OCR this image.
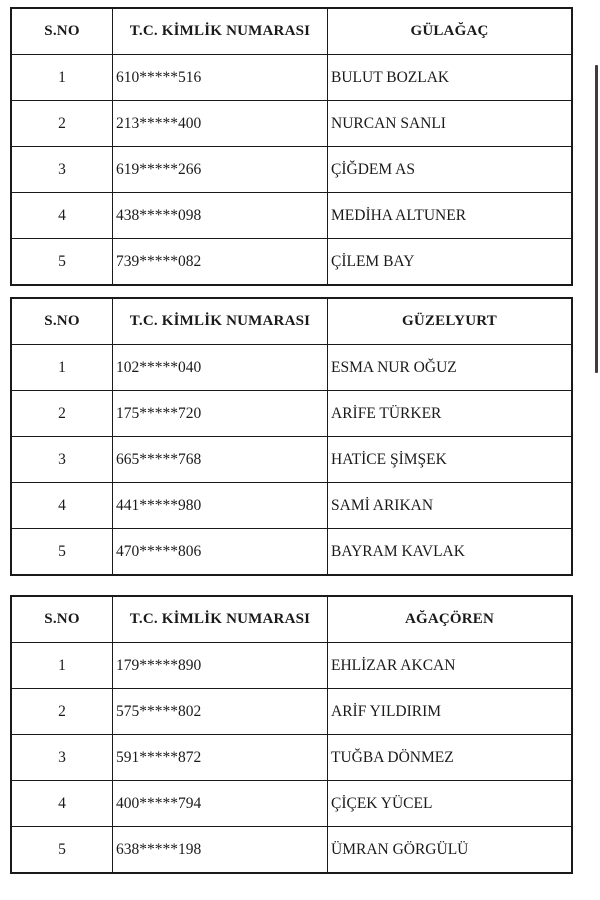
S.NO	T.C. KİMLİK NUMARASI	GÜLAĞAÇ
1	610*****516	BULUT BOZLAK
2	213*****400	NURCAN SANLI
3	619*****266	ÇİĞDEM AS
4	438*****098	MEDİHA ALTUNER
5	739*****082	ÇİLEM BAY
S.NO	T.C. KİMLİK NUMARASI	GÜZELYURT
1	102*****040	ESMA NUR OĞUZ
2	175*****720	ARİFE TÜRKER
3	665*****768	HATİCE ŞİMŞEK
4	441*****980	SAMİ ARIKAN
5	470*****806	BAYRAM KAVLAK
S.NO	T.C. KİMLİK NUMARASI	AĞAÇÖREN
1	179*****890	EHLİZAR AKCAN
2	575*****802	ARİF YILDIRIM
3	591*****872	TUĞBA DÖNMEZ
4	400*****794	ÇİÇEK YÜCEL
5	638*****198	ÜMRAN GÖRGÜLÜ
